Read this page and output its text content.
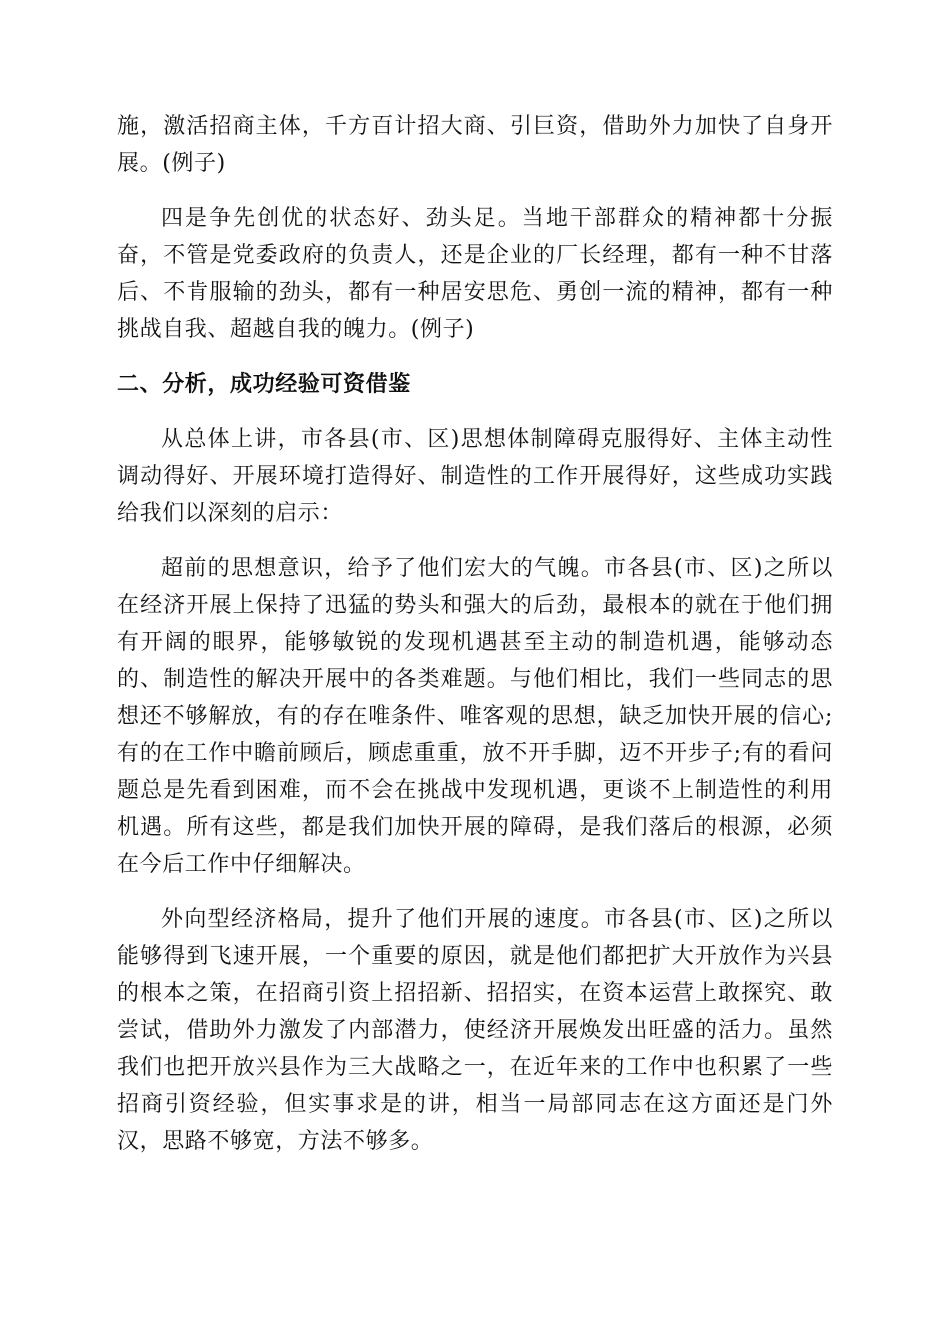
施，激活招商主体，千方百计招大商、引巨资，借助外力加快了自身开展。(例子)

四是争先创优的状态好、劲头足。当地干部群众的精神都十分振奋，不管是党委政府的负责人，还是企业的厂长经理，都有一种不甘落后、不肯服输的劲头，都有一种居安思危、勇创一流的精神，都有一种挑战自我、超越自我的魄力。(例子)

二、分析，成功经验可资借鉴

从总体上讲，市各县(市、区)思想体制障碍克服得好、主体主动性调动得好、开展环境打造得好、制造性的工作开展得好，这些成功实践给我们以深刻的启示：

超前的思想意识，给予了他们宏大的气魄。市各县(市、区)之所以在经济开展上保持了迅猛的势头和强大的后劲，最根本的就在于他们拥有开阔的眼界，能够敏锐的发现机遇甚至主动的制造机遇，能够动态的、制造性的解决开展中的各类难题。与他们相比，我们一些同志的思想还不够解放，有的存在唯条件、唯客观的思想，缺乏加快开展的信心;有的在工作中瞻前顾后，顾虑重重，放不开手脚，迈不开步子;有的看问题总是先看到困难，而不会在挑战中发现机遇，更谈不上制造性的利用机遇。所有这些，都是我们加快开展的障碍，是我们落后的根源，必须在今后工作中仔细解决。

外向型经济格局，提升了他们开展的速度。市各县(市、区)之所以能够得到飞速开展，一个重要的原因，就是他们都把扩大开放作为兴县的根本之策，在招商引资上招招新、招招实，在资本运营上敢探究、敢尝试，借助外力激发了内部潜力，使经济开展焕发出旺盛的活力。虽然我们也把开放兴县作为三大战略之一，在近年来的工作中也积累了一些招商引资经验，但实事求是的讲，相当一局部同志在这方面还是门外汉，思路不够宽，方法不够多。
